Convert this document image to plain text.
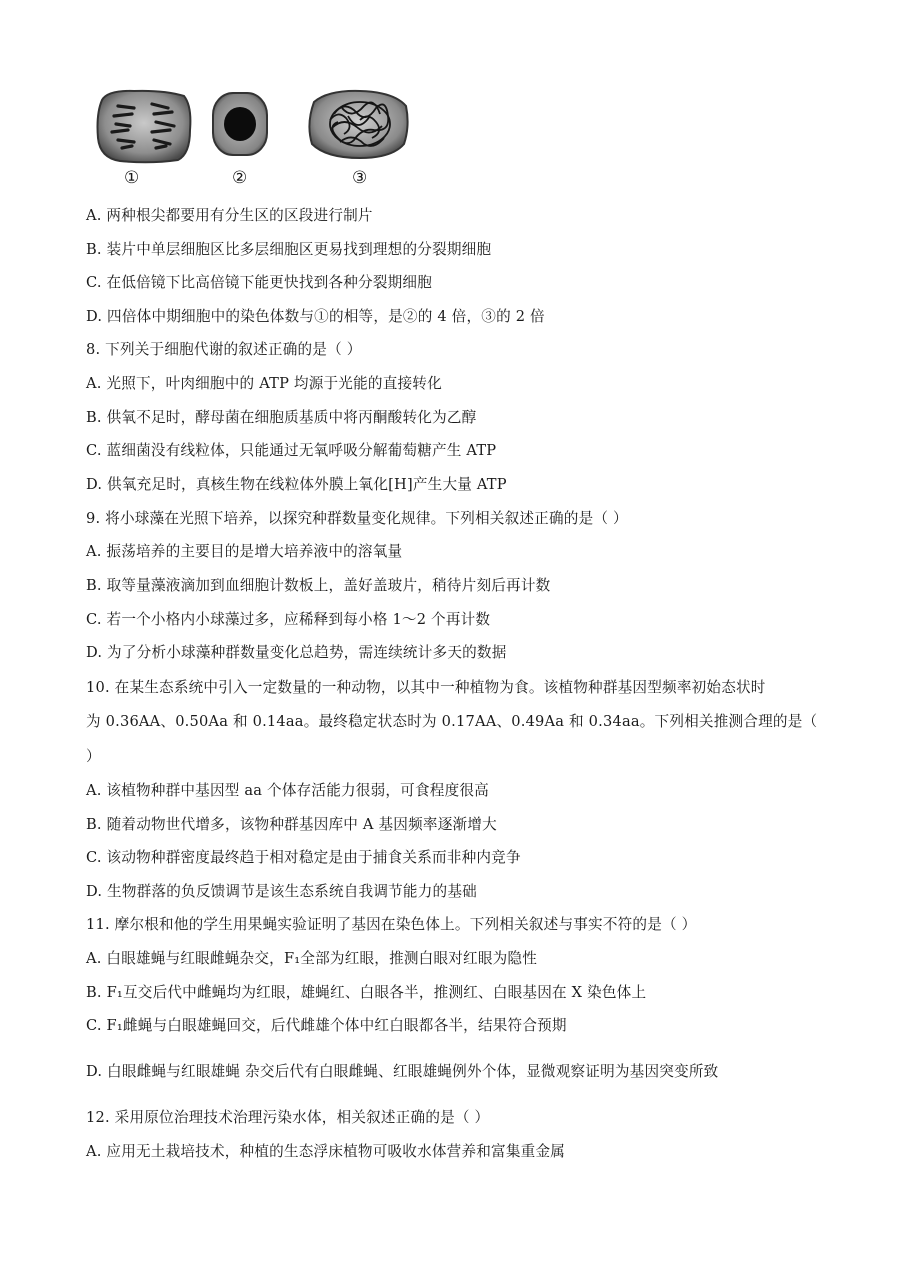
①	②	③
A. 两种根尖都要用有分生区的区段进行制片
B. 装片中单层细胞区比多层细胞区更易找到理想的分裂期细胞
C. 在低倍镜下比高倍镜下能更快找到各种分裂期细胞
D. 四倍体中期细胞中的染色体数与①的相等，是②的 4 倍，③的 2 倍
8. 下列关于细胞代谢的叙述正确的是（ ）
A. 光照下，叶肉细胞中的 ATP 均源于光能的直接转化
B. 供氧不足时，酵母菌在细胞质基质中将丙酮酸转化为乙醇
C. 蓝细菌没有线粒体，只能通过无氧呼吸分解葡萄糖产生 ATP
D. 供氧充足时，真核生物在线粒体外膜上氧化[H]产生大量 ATP
9. 将小球藻在光照下培养，以探究种群数量变化规律。下列相关叙述正确的是（ ）
A. 振荡培养的主要目的是增大培养液中的溶氧量
B. 取等量藻液滴加到血细胞计数板上，盖好盖玻片，稍待片刻后再计数
C. 若一个小格内小球藻过多，应稀释到每小格 1～2 个再计数
D. 为了分析小球藻种群数量变化总趋势，需连续统计多天的数据
10. 在某生态系统中引入一定数量的一种动物，以其中一种植物为食。该植物种群基因型频率初始态状时
为 0.36AA、0.50Aa 和 0.14aa。最终稳定状态时为 0.17AA、0.49Aa 和 0.34aa。下列相关推测合理的是（
）
A. 该植物种群中基因型 aa 个体存活能力很弱，可食程度很高
B. 随着动物世代增多，该物种群基因库中 A 基因频率逐渐增大
C. 该动物种群密度最终趋于相对稳定是由于捕食关系而非种内竞争
D. 生物群落的负反馈调节是该生态系统自我调节能力的基础
11. 摩尔根和他的学生用果蝇实验证明了基因在染色体上。下列相关叙述与事实不符的是（ ）
A. 白眼雄蝇与红眼雌蝇杂交，F₁全部为红眼，推测白眼对红眼为隐性
B. F₁互交后代中雌蝇均为红眼，雄蝇红、白眼各半，推测红、白眼基因在 X 染色体上
C. F₁雌蝇与白眼雄蝇回交，后代雌雄个体中红白眼都各半，结果符合预期
D. 白眼雌蝇与红眼雄蝇 杂交后代有白眼雌蝇、红眼雄蝇例外个体，显微观察证明为基因突变所致
12. 采用原位治理技术治理污染水体，相关叙述正确的是（ ）
A. 应用无土栽培技术，种植的生态浮床植物可吸收水体营养和富集重金属
